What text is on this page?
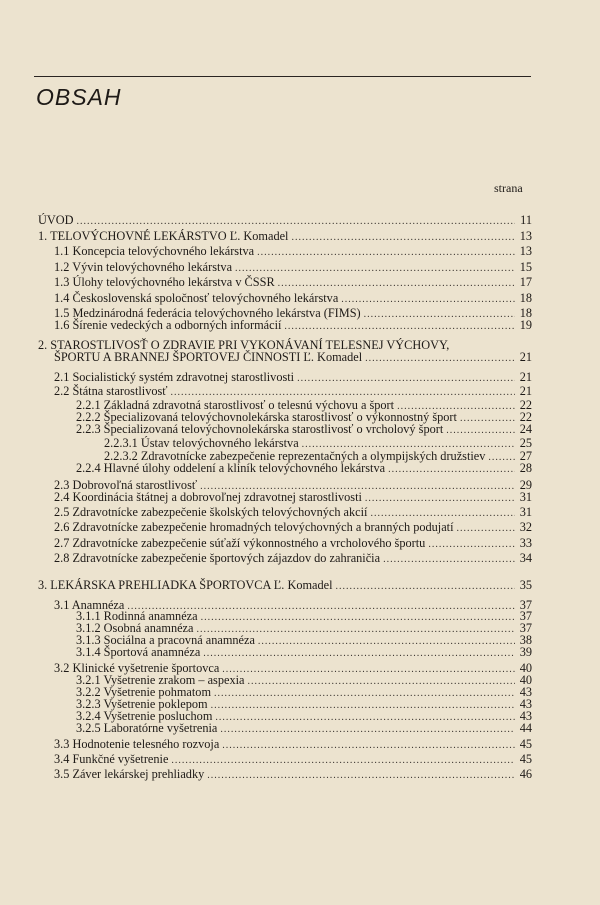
OBSAH
strana
ÚVOD .....	11
1. TELOVÝCHOVNÉ LEKÁRSTVO Ľ. Komadel .....	13
1.1 Koncepcia telovýchovného lekárstva .....	13
1.2 Vývin telovýchovného lekárstva .....	15
1.3 Úlohy telovýchovného lekárstva v ČSSR .....	17
1.4 Československá spoločnosť telovýchovného lekárstva .....	18
1.5 Medzinárodná federácia telovýchovného lekárstva (FIMS) .....	18
1.6 Šírenie vedeckých a odborných informácií .....	19
2. STAROSTLIVOSŤ O ZDRAVIE PRI VYKONÁVANÍ TELESNEJ VÝCHOVY,
ŠPORTU A BRANNEJ ŠPORTOVEJ ČINNOSTI Ľ. Komadel .....	21
2.1 Socialistický systém zdravotnej starostlivosti .....	21
2.2 Štátna starostlivosť .....	21
2.2.1 Základná zdravotná starostlivosť o telesnú výchovu a šport .....	22
2.2.2 Špecializovaná telovýchovnolekárska starostlivosť o výkonnostný šport .....	22
2.2.3 Špecializovaná telovýchovnolekárska starostlivosť o vrcholový šport .....	24
2.2.3.1 Ústav telovýchovného lekárstva .....	25
2.2.3.2 Zdravotnícke zabezpečenie reprezentačných a olympijských družstiev .....	27
2.2.4 Hlavné úlohy oddelení a kliník telovýchovného lekárstva .....	28
2.3 Dobrovoľná starostlivosť .....	29
2.4 Koordinácia štátnej a dobrovoľnej zdravotnej starostlivosti .....	31
2.5 Zdravotnícke zabezpečenie školských telovýchovných akcií .....	31
2.6 Zdravotnícke zabezpečenie hromadných telovýchovných a branných podujatí .....	32
2.7 Zdravotnícke zabezpečenie súťaží výkonnostného a vrcholového športu .....	33
2.8 Zdravotnícke zabezpečenie športových zájazdov do zahraničia .....	34
3. LEKÁRSKA PREHLIADKA ŠPORTOVCA Ľ. Komadel .....	35
3.1 Anamnéza .....	37
3.1.1 Rodinná anamnéza .....	37
3.1.2 Osobná anamnéza .....	37
3.1.3 Sociálna a pracovná anamnéza .....	38
3.1.4 Športová anamnéza .....	39
3.2 Klinické vyšetrenie športovca .....	40
3.2.1 Vyšetrenie zrakom – aspexia .....	40
3.2.2 Vyšetrenie pohmatom .....	43
3.2.3 Vyšetrenie poklepom .....	43
3.2.4 Vyšetrenie posluchom .....	43
3.2.5 Laboratórne vyšetrenia .....	44
3.3 Hodnotenie telesného rozvoja .....	45
3.4 Funkčné vyšetrenie .....	45
3.5 Záver lekárskej prehliadky .....	46
